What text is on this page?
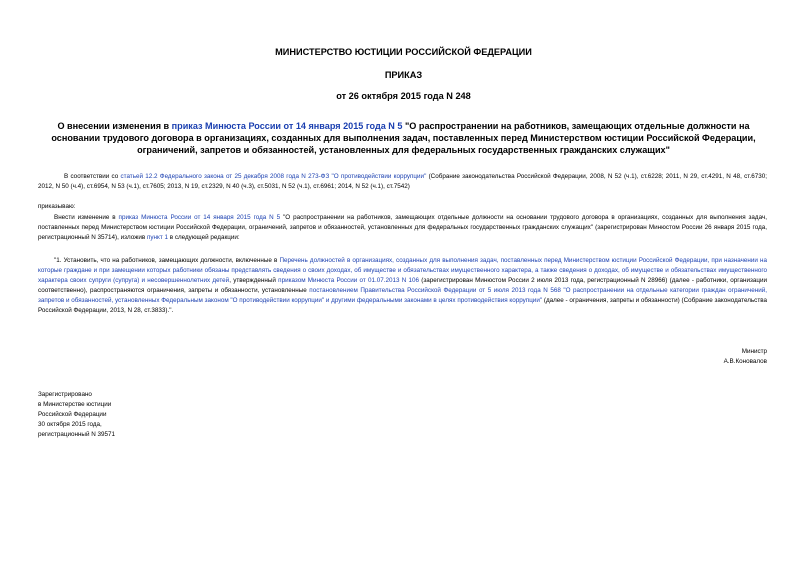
МИНИСТЕРСТВО ЮСТИЦИИ РОССИЙСКОЙ ФЕДЕРАЦИИ
ПРИКАЗ
от 26 октября 2015 года N 248
О внесении изменения в приказ Минюста России от 14 января 2015 года N 5 "О распространении на работников, замещающих отдельные должности на основании трудового договора в организациях, созданных для выполнения задач, поставленных перед Министерством юстиции Российской Федерации, ограничений, запретов и обязанностей, установленных для федеральных государственных гражданских служащих"
В соответствии со статьей 12.2 Федерального закона от 25 декабря 2008 года N 273-ФЗ "О противодействии коррупции" (Собрание законодательства Российской Федерации, 2008, N 52 (ч.1), ст.6228; 2011, N 29, ст.4291, N 48, ст.6730; 2012, N 50 (ч.4), ст.6954, N 53 (ч.1), ст.7605; 2013, N 19, ст.2329, N 40 (ч.3), ст.5031, N 52 (ч.1), ст.6961; 2014, N 52 (ч.1), ст.7542)
приказываю:
Внести изменение в приказ Минюста России от 14 января 2015 года N 5 "О распространении на работников, замещающих отдельные должности на основании трудового договора в организациях, созданных для выполнения задач, поставленных перед Министерством юстиции Российской Федерации, ограничений, запретов и обязанностей, установленных для федеральных государственных гражданских служащих" (зарегистрирован Минюстом России 26 января 2015 года, регистрационный N 35714), изложив пункт 1 в следующей редакции:
"1. Установить, что на работников, замещающих должности, включенные в Перечень должностей в организациях, созданных для выполнения задач, поставленных перед Министерством юстиции Российской Федерации, при назначении на которые граждане и при замещении которых работники обязаны представлять сведения о своих доходах, об имуществе и обязательствах имущественного характера, а также сведения о доходах, об имуществе и обязательствах имущественного характера своих супруги (супруга) и несовершеннолетних детей, утвержденный приказом Минюста России от 01.07.2013 N 106 (зарегистрирован Минюстом России 2 июля 2013 года, регистрационный N 28966) (далее - работники, организации соответственно), распространяются ограничения, запреты и обязанности, установленные постановлением Правительства Российской Федерации от 5 июля 2013 года N 568 "О распространении на отдельные категории граждан ограничений, запретов и обязанностей, установленных Федеральным законом "О противодействии коррупции" и другими федеральными законами в целях противодействия коррупции" (далее - ограничения, запреты и обязанности) (Собрание законодательства Российской Федерации, 2013, N 28, ст.3833).".
Министр
А.В.Коновалов
Зарегистрировано
в Министерстве юстиции
Российской Федерации
30 октября 2015 года,
регистрационный N 39571
